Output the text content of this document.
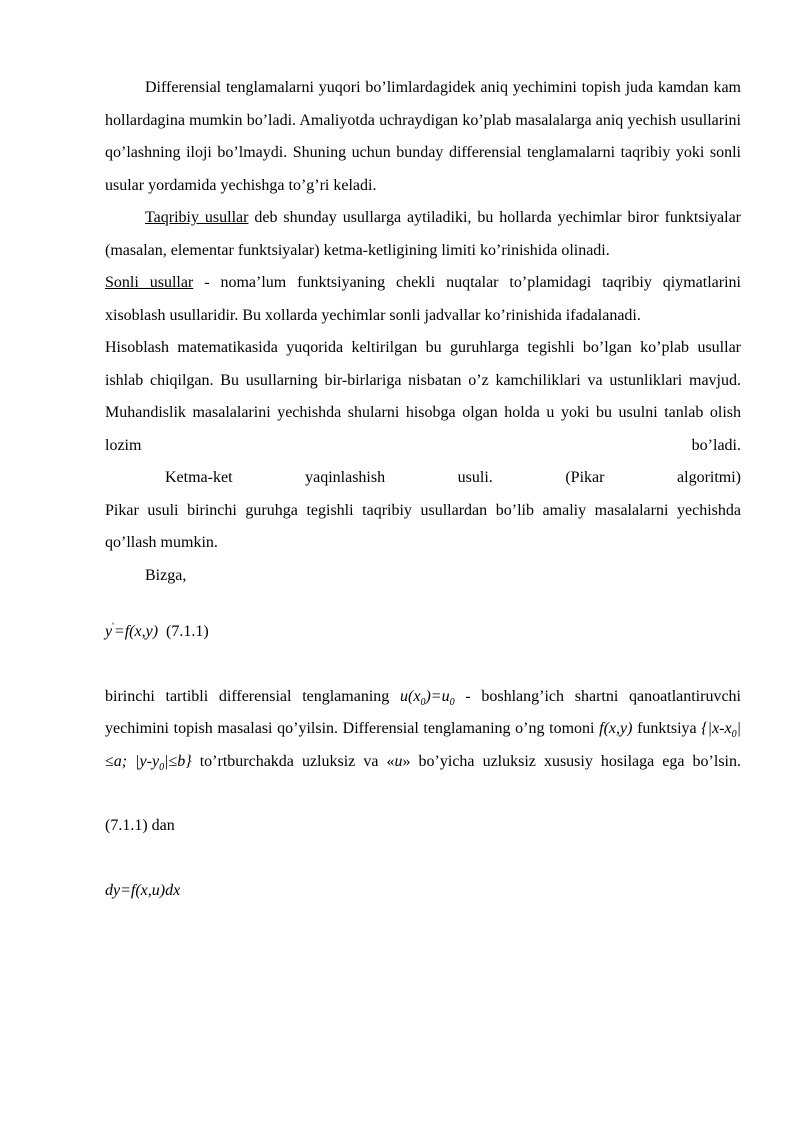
Differensial tenglamalarni yuqori bo’limlardagidek aniq yechimini topish juda kamdan kam hollardagina mumkin bo’ladi. Amaliyotda uchraydigan ko’plab masalalarga aniq yechish usullarini qo’lashning iloji bo’lmaydi. Shuning uchun bunday differensial tenglamalarni taqribiy yoki sonli usular yordamida yechishga to’g’ri keladi.

Taqribiy usullar deb shunday usullarga aytiladiki, bu hollarda yechimlar biror funktsiyalar (masalan, elementar funktsiyalar) ketma-ketligining limiti ko’rinishida olinadi.

Sonli usullar - noma’lum funktsiyaning chekli nuqtalar to’plamidagi taqribiy qiymatlarini xisoblash usullaridir. Bu xollarda yechimlar sonli jadvallar ko’rinishida ifadalanadi.

Hisoblash matematikasida yuqorida keltirilgan bu guruhlarga tegishli bo’lgan ko’plab usullar ishlab chiqilgan. Bu usullarning bir-birlariga nisbatan o’z kamchiliklari va ustunliklari mavjud. Muhandislik masalalarini yechishda shularni hisobga olgan holda u yoki bu usulni tanlab olish lozim bo’ladi.

Ketma-ket	yaqinlashish	usuli.	(Pikar	algoritmi)

Pikar usuli birinchi guruhga tegishli taqribiy usullardan bo’lib amaliy masalalarni yechishda qo’llash mumkin.

Bizga,

y'=f(x,y) (7.1.1)

birinchi tartibli differensial tenglamaning $u(x_0)=u_0$ - boshlang’ich shartni qanoatlantiruvchi yechimini topish masalasi qo’yilsin. Differensial tenglamaning o’ng tomoni f(x,y) funktsiya {$|x-x_0|\le a$; $|y-y_0|\le b$} to’rtburchakda uzluksiz va «u» bo’yicha uzluksiz xususiy hosilaga ega bo’lsin.

(7.1.1) dan

dy=f(x,u)dx
